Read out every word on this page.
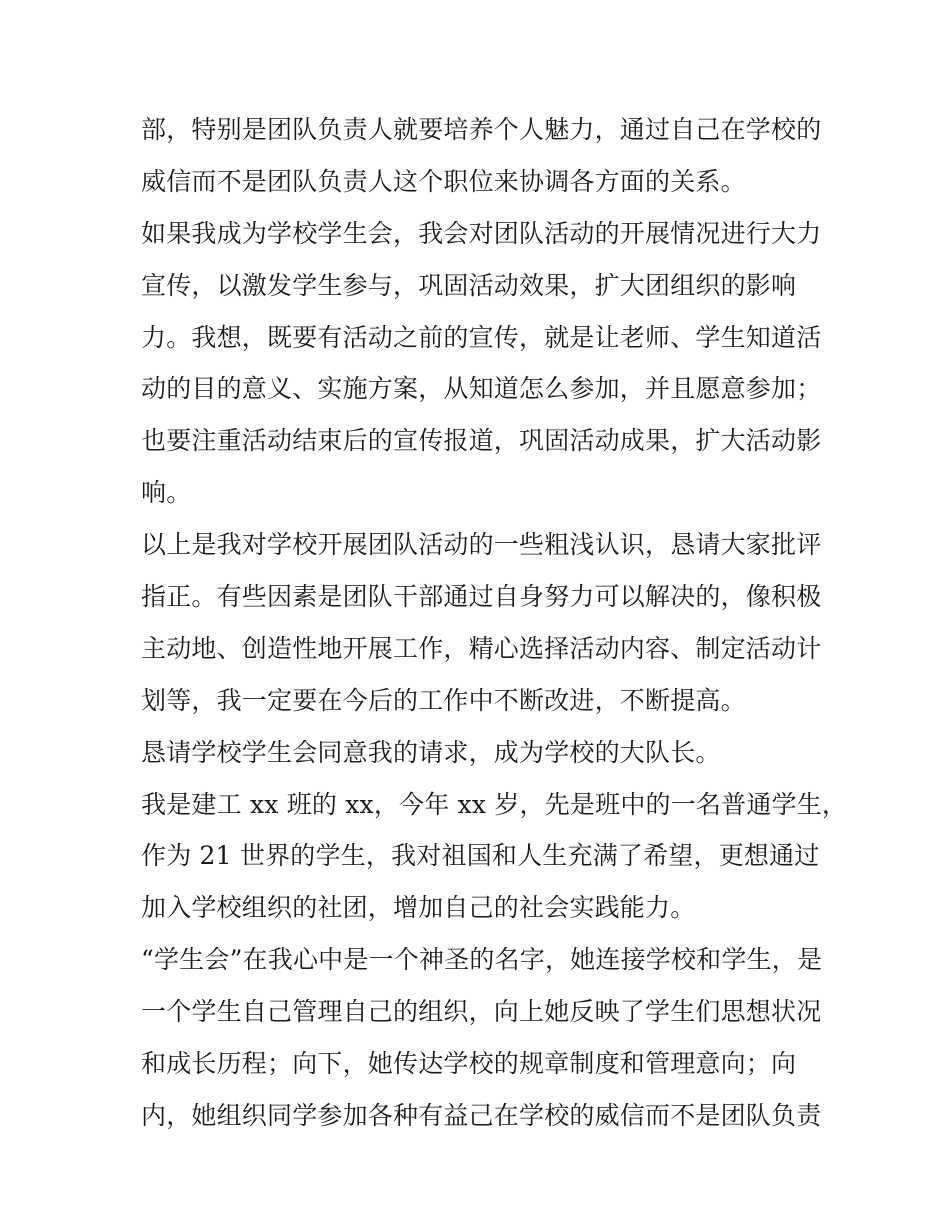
部，特别是团队负责人就要培养个人魅力，通过自己在学校的
威信而不是团队负责人这个职位来协调各方面的关系。
如果我成为学校学生会，我会对团队活动的开展情况进行大力
宣传，以激发学生参与，巩固活动效果，扩大团组织的影响
力。我想，既要有活动之前的宣传，就是让老师、学生知道活
动的目的意义、实施方案，从知道怎么参加，并且愿意参加；
也要注重活动结束后的宣传报道，巩固活动成果，扩大活动影
响。
以上是我对学校开展团队活动的一些粗浅认识，恳请大家批评
指正。有些因素是团队干部通过自身努力可以解决的，像积极
主动地、创造性地开展工作，精心选择活动内容、制定活动计
划等，我一定要在今后的工作中不断改进，不断提高。
恳请学校学生会同意我的请求，成为学校的大队长。
我是建工 xx 班的 xx，今年 xx 岁，先是班中的一名普通学生，
作为 21 世界的学生，我对祖国和人生充满了希望，更想通过
加入学校组织的社团，增加自己的社会实践能力。
“学生会”在我心中是一个神圣的名字，她连接学校和学生，是
一个学生自己管理自己的组织，向上她反映了学生们思想状况
和成长历程；向下，她传达学校的规章制度和管理意向；向
内，她组织同学参加各种有益己在学校的威信而不是团队负责
